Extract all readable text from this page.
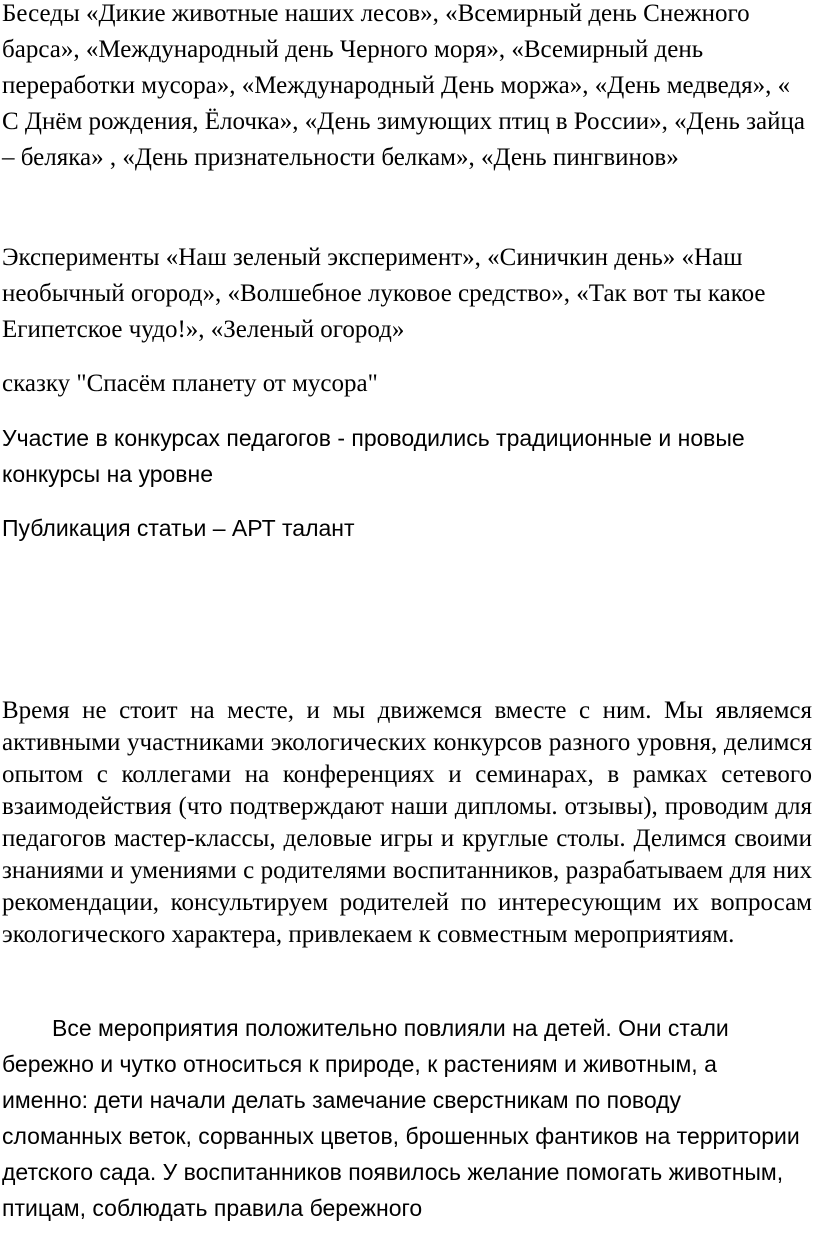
Беседы «Дикие животные наших лесов», «Всемирный день Снежного барса», «Международный день Черного моря», «Всемирный день переработки мусора», «Международный День моржа», «День медведя», « С Днём рождения, Ёлочка», «День зимующих птиц в России», «День зайца – беляка» , «День признательности белкам», «День пингвинов»

Эксперименты «Наш зеленый эксперимент», «Синичкин день» «Наш необычный огород», «Волшебное луковое средство», «Так вот ты какое Египетское чудо!», «Зеленый огород»

сказку "Спасём планету от мусора"

Участие в конкурсах педагогов - проводились традиционные и новые конкурсы на уровне

Публикация статьи – АРТ талант

Время не стоит на месте, и мы движемся вместе с ним. Мы являемся активными участниками экологических конкурсов разного уровня, делимся опытом с коллегами на конференциях и семинарах, в рамках сетевого взаимодействия (что подтверждают наши дипломы. отзывы), проводим для педагогов мастер-классы, деловые игры и круглые столы. Делимся своими знаниями и умениями с родителями воспитанников, разрабатываем для них рекомендации, консультируем родителей по интересующим их вопросам экологического характера, привлекаем к совместным мероприятиям.

Все мероприятия положительно повлияли на детей. Они стали бережно и чутко относиться к природе, к растениям и животным, а именно: дети начали делать замечание сверстникам по поводу сломанных веток, сорванных цветов, брошенных фантиков на территории детского сада. У воспитанников появилось желание помогать животным, птицам, соблюдать правила бережного
